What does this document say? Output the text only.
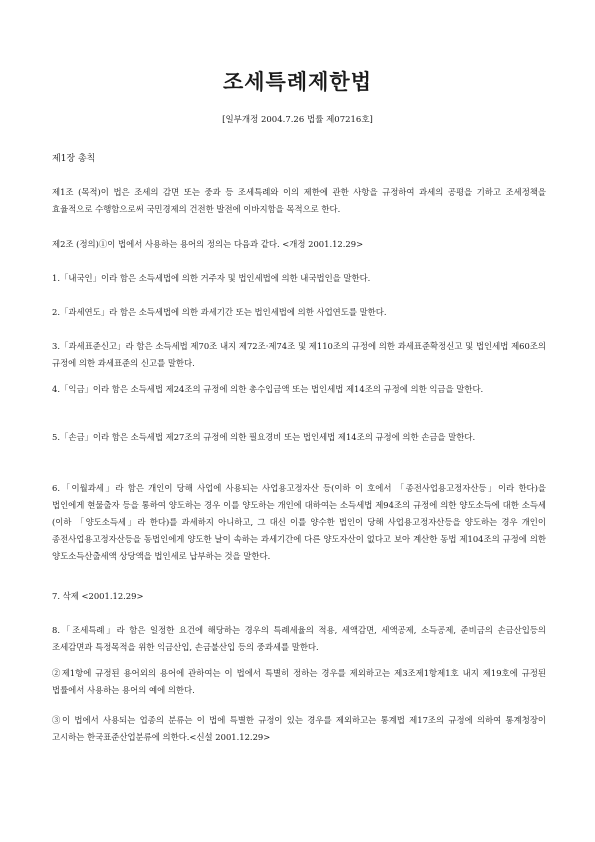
조세특례제한법

[일부개정 2004.7.26 법률 제07216호]

제1장 총칙

제1조 (목적)이 법은 조세의 감면 또는 중과 등 조세특례와 이의 제한에 관한 사항을 규정하여 과세의 공평을 기하고 조세정책을 효율적으로 수행함으로써 국민경제의 건전한 발전에 이바지함을 목적으로 한다.

제2조 (정의)①이 법에서 사용하는 용어의 정의는 다음과 같다. <개정 2001.12.29>

1.「내국인」이라 함은 소득세법에 의한 거주자 및 법인세법에 의한 내국법인을 말한다.

2.「과세연도」라 함은 소득세법에 의한 과세기간 또는 법인세법에 의한 사업연도를 말한다.

3.「과세표준신고」라 함은 소득세법 제70조 내지 제72조·제74조 및 제110조의 규정에 의한 과세표준확정신고 및 법인세법 제60조의 규정에 의한 과세표준의 신고를 말한다.

4.「익금」이라 함은 소득세법 제24조의 규정에 의한 총수입금액 또는 법인세법 제14조의 규정에 의한 익금을 말한다.

5.「손금」이라 함은 소득세법 제27조의 규정에 의한 필요경비 또는 법인세법 제14조의 규정에 의한 손금을 말한다.

6.「이월과세」라 함은 개인이 당해 사업에 사용되는 사업용고정자산 등(이하 이 호에서 「종전사업용고정자산등」이라 한다)을 법인에게 현물출자 등을 통하여 양도하는 경우 이를 양도하는 개인에 대하여는 소득세법 제94조의 규정에 의한 양도소득에 대한 소득세(이하 「양도소득세」라 한다)를 과세하지 아니하고, 그 대신 이를 양수한 법인이 당해 사업용고정자산등을 양도하는 경우 개인이 종전사업용고정자산등을 동법인에게 양도한 날이 속하는 과세기간에 다른 양도자산이 없다고 보아 계산한 동법 제104조의 규정에 의한 양도소득산출세액 상당액을 법인세로 납부하는 것을 말한다.

7. 삭제 <2001.12.29>

8.「조세특례」라 함은 일정한 요건에 해당하는 경우의 특례세율의 적용, 세액감면, 세액공제, 소득공제, 준비금의 손금산입등의 조세감면과 특정목적을 위한 익금산입, 손금불산입 등의 중과세를 말한다.

②제1항에 규정된 용어외의 용어에 관하여는 이 법에서 특별히 정하는 경우를 제외하고는 제3조제1항제1호 내지 제19호에 규정된 법률에서 사용하는 용어의 예에 의한다.

③이 법에서 사용되는 업종의 분류는 이 법에 특별한 규정이 있는 경우를 제외하고는 통계법 제17조의 규정에 의하여 통계청장이 고시하는 한국표준산업분류에 의한다.<신설 2001.12.29>
